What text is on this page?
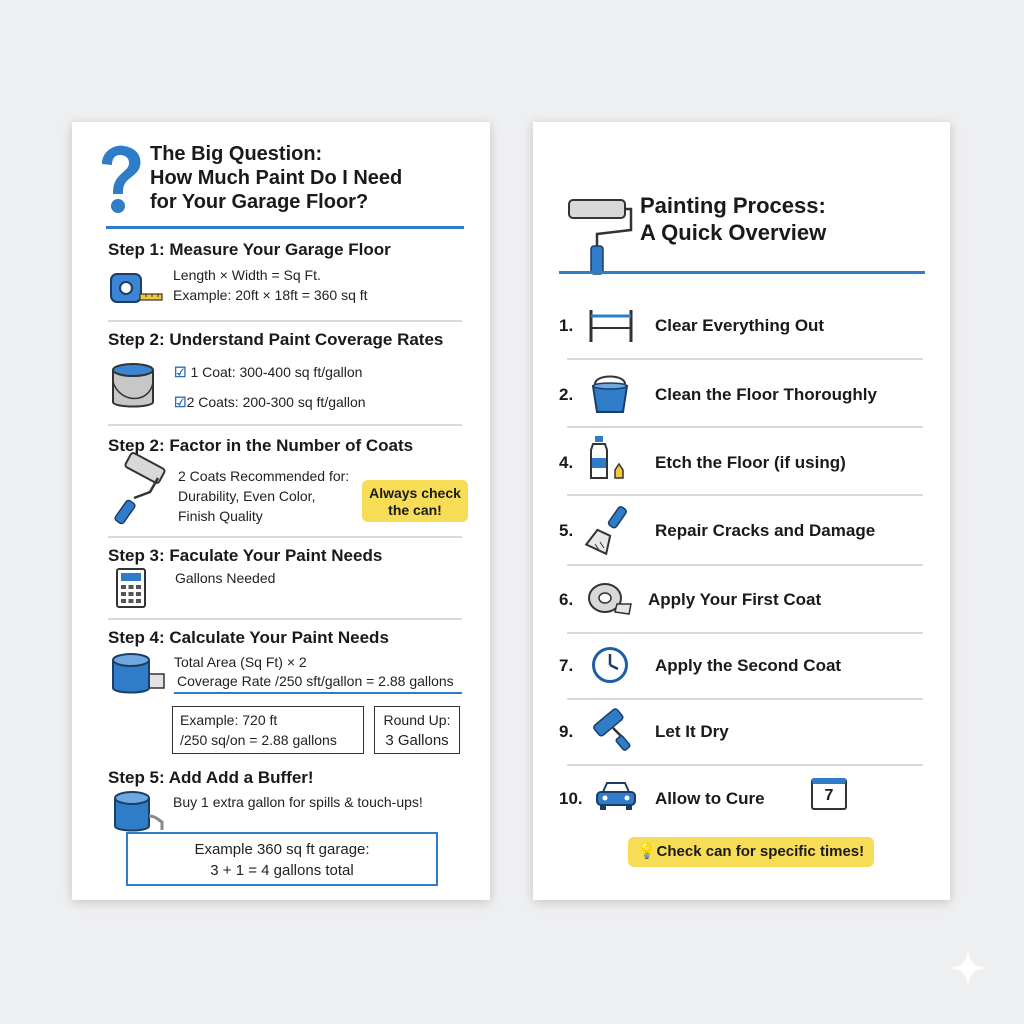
The Big Question:
How Much Paint Do I Need
for Your Garage Floor?
Step 1: Measure Your Garage Floor
Length × Width = Sq Ft.
Example: 20ft × 18ft = 360 sq ft
Step 2: Understand Paint Coverage Rates
☑ 1 Coat: 300-400 sq ft/gallon
☑2 Coats: 200-300 sq ft/gallon
Step 2: Factor in the Number of Coats
2 Coats Recommended for:
Durability, Even Color,
Finish Quality
Always check
the can!
Step 3: Faculate Your Paint Needs
Gallons Needed
Step 4: Calculate Your Paint Needs
Total Area (Sq Ft) × 2
Coverage Rate /250 sft/gallon = 2.88 gallons
Example: 720 ft
/250 sq/on = 2.88 gallons
Round Up:
3 Gallons
Step 5: Add Add a Buffer!
Buy 1 extra gallon for spills & touch-ups!
Example 360 sq ft garage:
3 + 1 = 4 gallons total
Painting Process:
A Quick Overview
1.	Clear Everything Out
2.	Clean the Floor Thoroughly
4.	Etch the Floor (if using)
5.	Repair Cracks and Damage
6.	Apply Your First Coat
7.	Apply the Second Coat
9.	Let It Dry
10.	Allow to Cure	7
💡Check can for specific times!
